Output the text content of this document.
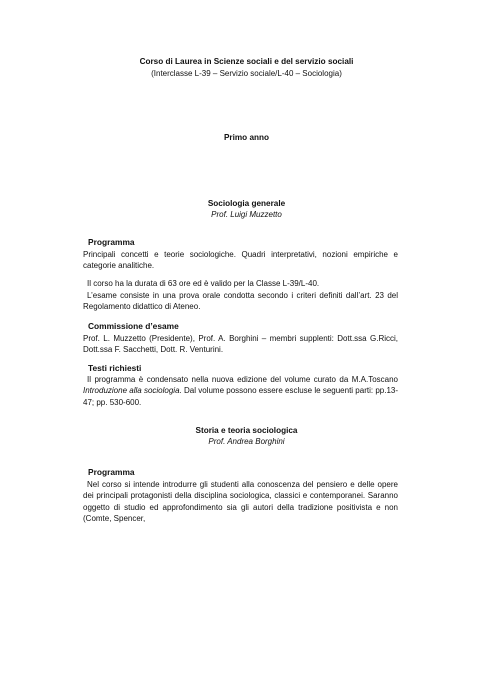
Corso di Laurea in Scienze sociali e del servizio sociali
(Interclasse L-39 – Servizio sociale/L-40 – Sociologia)
Primo anno
Sociologia generale
Prof. Luigi Muzzetto
Programma

Principali concetti e teorie sociologiche. Quadri interpretativi, nozioni empiriche e categorie analitiche.

Il corso ha la durata di 63 ore ed è valido per la Classe L-39/L-40.

L’esame consiste in una prova orale condotta secondo i criteri definiti dall’art. 23 del Regolamento didattico di Ateneo.

Commissione d’esame

Prof. L. Muzzetto (Presidente), Prof. A. Borghini – membri supplenti: Dott.ssa G.Ricci, Dott.ssa F. Sacchetti, Dott. R. Venturini.

Testi richiesti

Il programma è condensato nella nuova edizione del volume curato da M.A.Toscano Introduzione alla sociologia. Dal volume possono essere escluse le seguenti parti: pp.13-47; pp. 530-600.

Storia e teoria sociologica
Prof. Andrea Borghini
Programma

Nel corso si intende introdurre gli studenti alla conoscenza del pensiero e delle opere dei principali protagonisti della disciplina sociologica, classici e contemporanei. Saranno oggetto di studio ed approfondimento sia gli autori della tradizione positivista e non (Comte, Spencer,
